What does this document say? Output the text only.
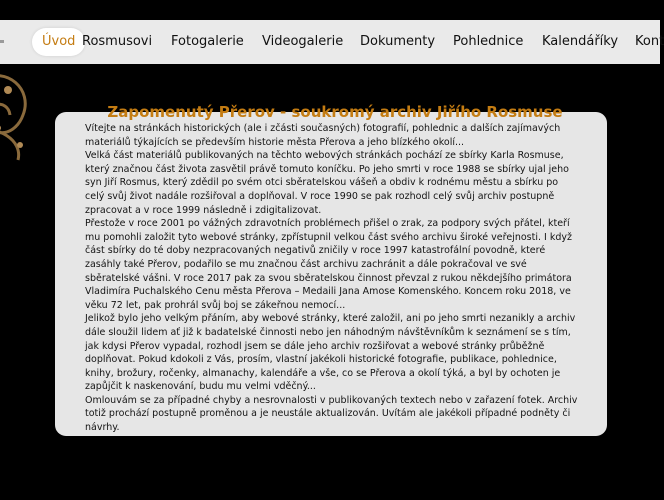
Úvod Rosmusovi Fotogalerie Videogalerie Dokumenty Pohlednice Kalendáříky Kont

Vítejte na stránkách historických (ale i zčásti současných) fotografií, pohlednic a dalších zajímavých materiálů týkajících se především historie města Přerova a jeho blízkého okolí...

Velká část materiálů publikovaných na těchto webových stránkách pochází ze sbírky Karla Rosmuse, který značnou část života zasvětil právě tomuto koníčku. Po jeho smrti v roce 1988 se sbírky ujal jeho syn Jiří Rosmus, který zdědil po svém otci sběratelskou vášeň a obdiv k rodnému městu a sbírku po celý svůj život nadále rozšiřoval a doplňoval. V roce 1990 se pak rozhodl celý svůj archiv postupně zpracovat a v roce 1999 následně i zdigitalizovat.

Přestože v roce 2001 po vážných zdravotních problémech přišel o zrak, za podpory svých přátel, kteří mu pomohli založit tyto webové stránky, zpřístupnil velkou část svého archivu široké veřejnosti. I když část sbírky do té doby nezpracovaných negativů zničily v roce 1997 katastrofální povodně, které zasáhly také Přerov, podařilo se mu značnou část archivu zachránit a dále pokračoval ve své sběratelské vášni. V roce 2017 pak za svou sběratelskou činnost převzal z rukou někdejšího primátora Vladimíra Puchalského Cenu města Přerova – Medaili Jana Amose Komenského. Koncem roku 2018, ve věku 72 let, pak prohrál svůj boj se zákeřnou nemocí...

Jelikož bylo jeho velkým přáním, aby webové stránky, které založil, ani po jeho smrti nezanikly a archiv dále sloužil lidem ať již k badatelské činnosti nebo jen náhodným návštěvníkům k seznámení se s tím, jak kdysi Přerov vypadal, rozhodl jsem se dále jeho archiv rozšiřovat a webové stránky průběžně doplňovat. Pokud kdokoli z Vás, prosím, vlastní jakékoli historické fotografie, publikace, pohlednice, knihy, brožury, ročenky, almanachy, kalendáře a vše, co se Přerova a okolí týká, a byl by ochoten je zapůjčit k naskenování, budu mu velmi vděčný...

Omlouvám se za případné chyby a nesrovnalosti v publikovaných textech nebo v zařazení fotek. Archiv totiž prochází postupně proměnou a je neustále aktualizován. Uvítám ale jakékoli případné podněty či návrhy.

Zapomenutý Přerov - soukromý archiv Jiřího Rosmuse
